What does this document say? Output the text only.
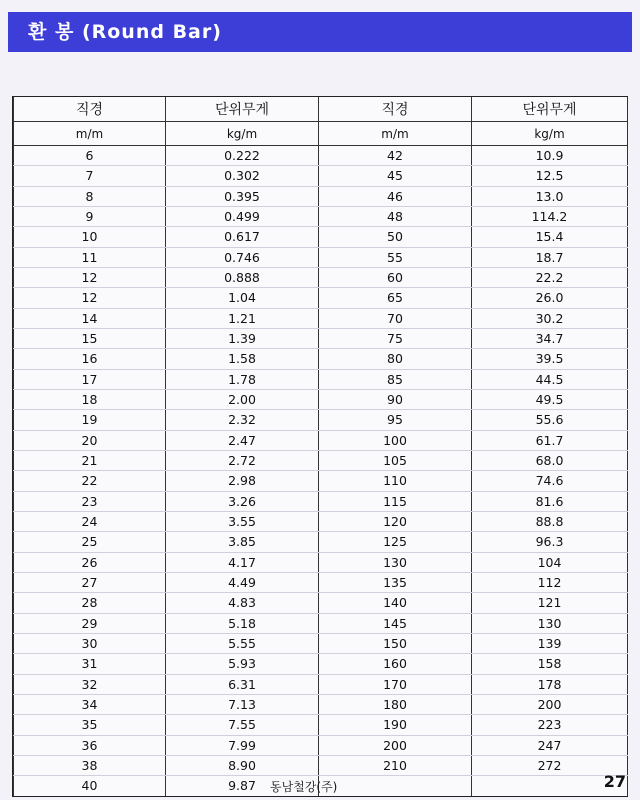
환 봉 (Round Bar)
직경	단위무게	직경	단위무게
m/m	kg/m	m/m	kg/m
6	0.222	42	10.9
7	0.302	45	12.5
8	0.395	46	13.0
9	0.499	48	114.2
10	0.617	50	15.4
11	0.746	55	18.7
12	0.888	60	22.2
12	1.04	65	26.0
14	1.21	70	30.2
15	1.39	75	34.7
16	1.58	80	39.5
17	1.78	85	44.5
18	2.00	90	49.5
19	2.32	95	55.6
20	2.47	100	61.7
21	2.72	105	68.0
22	2.98	110	74.6
23	3.26	115	81.6
24	3.55	120	88.8
25	3.85	125	96.3
26	4.17	130	104
27	4.49	135	112
28	4.83	140	121
29	5.18	145	130
30	5.55	150	139
31	5.93	160	158
32	6.31	170	178
34	7.13	180	200
35	7.55	190	223
36	7.99	200	247
38	8.90	210	272
40	9.87		동남철강(주)	27
